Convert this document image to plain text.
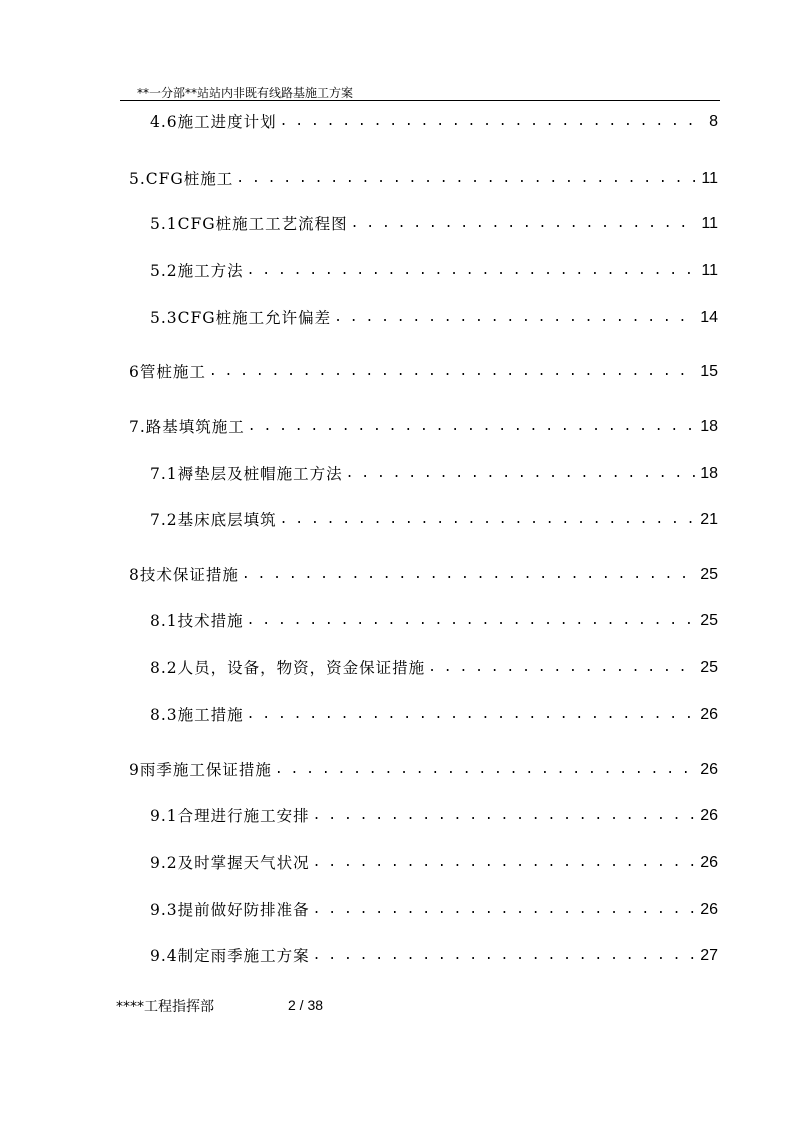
**一分部**站站内非既有线路基施工方案
4.6施工进度计划 . . .	8
5.CFG桩施工 . . .	11
5.1CFG桩施工工艺流程图 . . .	11
5.2施工方法 . . .	11
5.3CFG桩施工允许偏差 . . .	14
6管桩施工 . . .	15
7.路基填筑施工 . . .	18
7.1褥垫层及桩帽施工方法 . . .	18
7.2基床底层填筑 . . .	21
8技术保证措施 . . .	25
8.1技术措施 . . .	25
8.2人员，设备，物资，资金保证措施 . . .	25
8.3施工措施 . . .	26
9雨季施工保证措施 . . .	26
9.1合理进行施工安排 . . .	26
9.2及时掌握天气状况 . . .	26
9.3提前做好防排准备 . . .	26
9.4制定雨季施工方案 . . .	27
****工程指挥部	2 / 38
